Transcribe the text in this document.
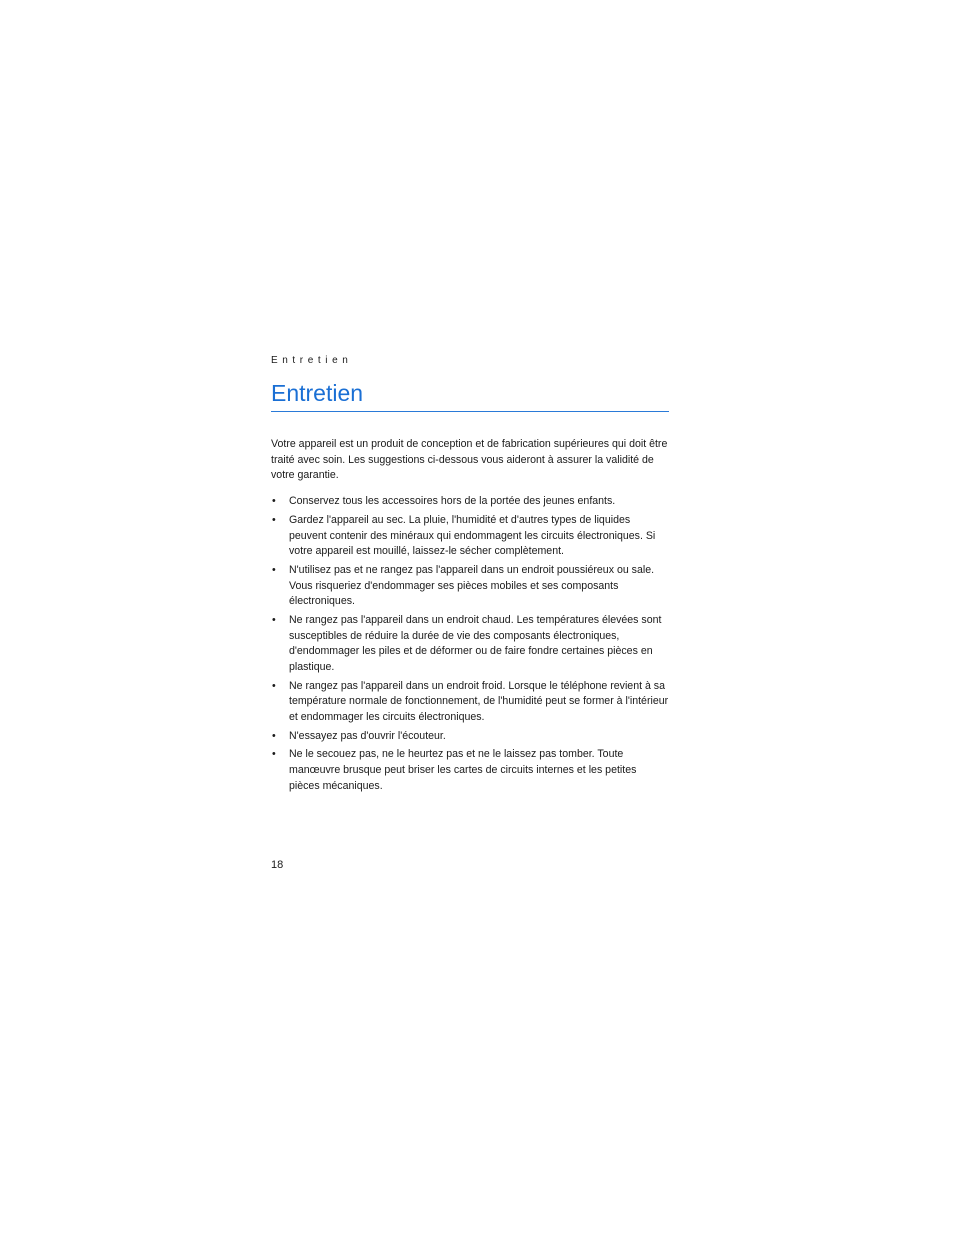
Entretien
Entretien

Votre appareil est un produit de conception et de fabrication supérieures qui doit être traité avec soin. Les suggestions ci-dessous vous aideront à assurer la validité de votre garantie.

• Conservez tous les accessoires hors de la portée des jeunes enfants.
• Gardez l'appareil au sec. La pluie, l'humidité et d'autres types de liquides peuvent contenir des minéraux qui endommagent les circuits électroniques. Si votre appareil est mouillé, laissez-le sécher complètement.
• N'utilisez pas et ne rangez pas l'appareil dans un endroit poussiéreux ou sale. Vous risqueriez d'endommager ses pièces mobiles et ses composants électroniques.
• Ne rangez pas l'appareil dans un endroit chaud. Les températures élevées sont susceptibles de réduire la durée de vie des composants électroniques, d'endommager les piles et de déformer ou de faire fondre certaines pièces en plastique.
• Ne rangez pas l'appareil dans un endroit froid. Lorsque le téléphone revient à sa température normale de fonctionnement, de l'humidité peut se former à l'intérieur et endommager les circuits électroniques.
• N'essayez pas d'ouvrir l'écouteur.
• Ne le secouez pas, ne le heurtez pas et ne le laissez pas tomber. Toute manœuvre brusque peut briser les cartes de circuits internes et les petites pièces mécaniques.
18
